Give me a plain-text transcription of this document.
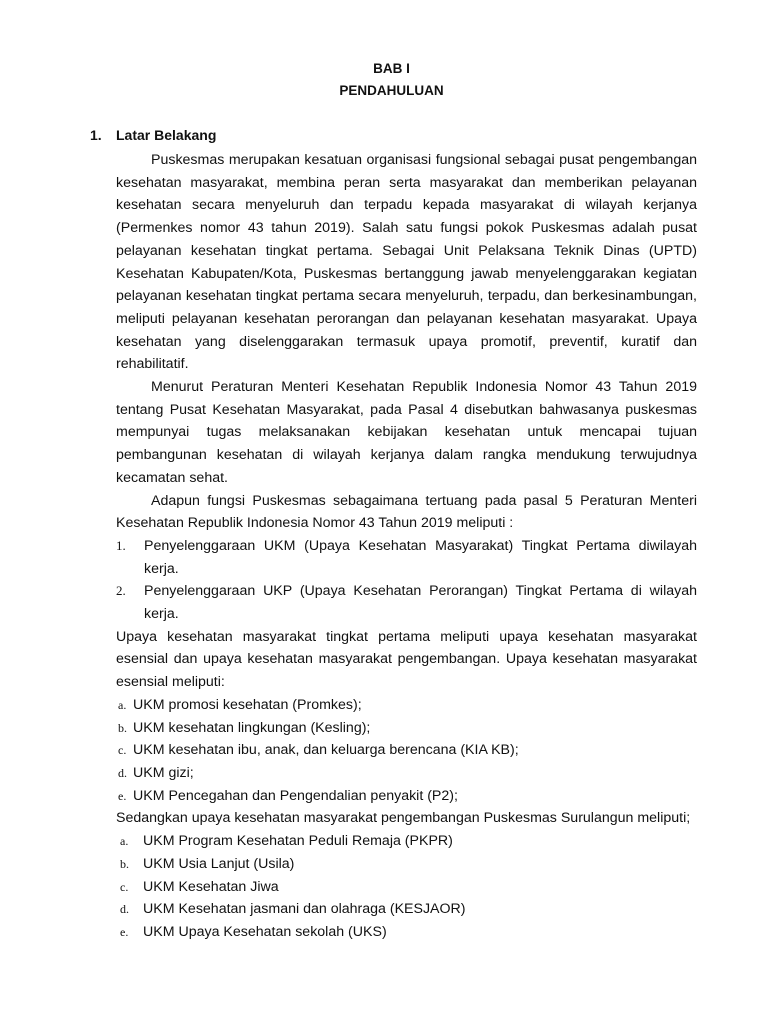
BAB I
PENDAHULUAN
1. Latar Belakang

Puskesmas merupakan kesatuan organisasi fungsional sebagai pusat pengembangan kesehatan masyarakat, membina peran serta masyarakat dan memberikan pelayanan kesehatan secara menyeluruh dan terpadu kepada masyarakat di wilayah kerjanya (Permenkes nomor 43 tahun 2019). Salah satu fungsi pokok Puskesmas adalah pusat pelayanan kesehatan tingkat pertama. Sebagai Unit Pelaksana Teknik Dinas (UPTD) Kesehatan Kabupaten/Kota, Puskesmas bertanggung jawab menyelenggarakan kegiatan pelayanan kesehatan tingkat pertama secara menyeluruh, terpadu, dan berkesinambungan, meliputi pelayanan kesehatan perorangan dan pelayanan kesehatan masyarakat. Upaya kesehatan yang diselenggarakan termasuk upaya promotif, preventif, kuratif dan rehabilitatif.

Menurut Peraturan Menteri Kesehatan Republik Indonesia Nomor 43 Tahun 2019 tentang Pusat Kesehatan Masyarakat, pada Pasal 4 disebutkan bahwasanya puskesmas mempunyai tugas melaksanakan kebijakan kesehatan untuk mencapai tujuan pembangunan kesehatan di wilayah kerjanya dalam rangka mendukung terwujudnya kecamatan sehat.

Adapun fungsi Puskesmas sebagaimana tertuang pada pasal 5 Peraturan Menteri Kesehatan Republik Indonesia Nomor 43 Tahun 2019 meliputi :

1. Penyelenggaraan UKM (Upaya Kesehatan Masyarakat) Tingkat Pertama diwilayah kerja.
2. Penyelenggaraan UKP (Upaya Kesehatan Perorangan) Tingkat Pertama di wilayah kerja.

Upaya kesehatan masyarakat tingkat pertama meliputi upaya kesehatan masyarakat esensial dan upaya kesehatan masyarakat pengembangan. Upaya kesehatan masyarakat esensial meliputi:

a. UKM promosi kesehatan (Promkes);
b. UKM kesehatan lingkungan (Kesling);
c. UKM kesehatan ibu, anak, dan keluarga berencana (KIA KB);
d. UKM gizi;
e. UKM Pencegahan dan Pengendalian penyakit (P2);

Sedangkan upaya kesehatan masyarakat pengembangan Puskesmas Surulangun meliputi;

a. UKM Program Kesehatan Peduli Remaja (PKPR)
b. UKM Usia Lanjut (Usila)
c. UKM Kesehatan Jiwa
d. UKM Kesehatan jasmani dan olahraga (KESJAOR)
e. UKM Upaya Kesehatan sekolah (UKS)
